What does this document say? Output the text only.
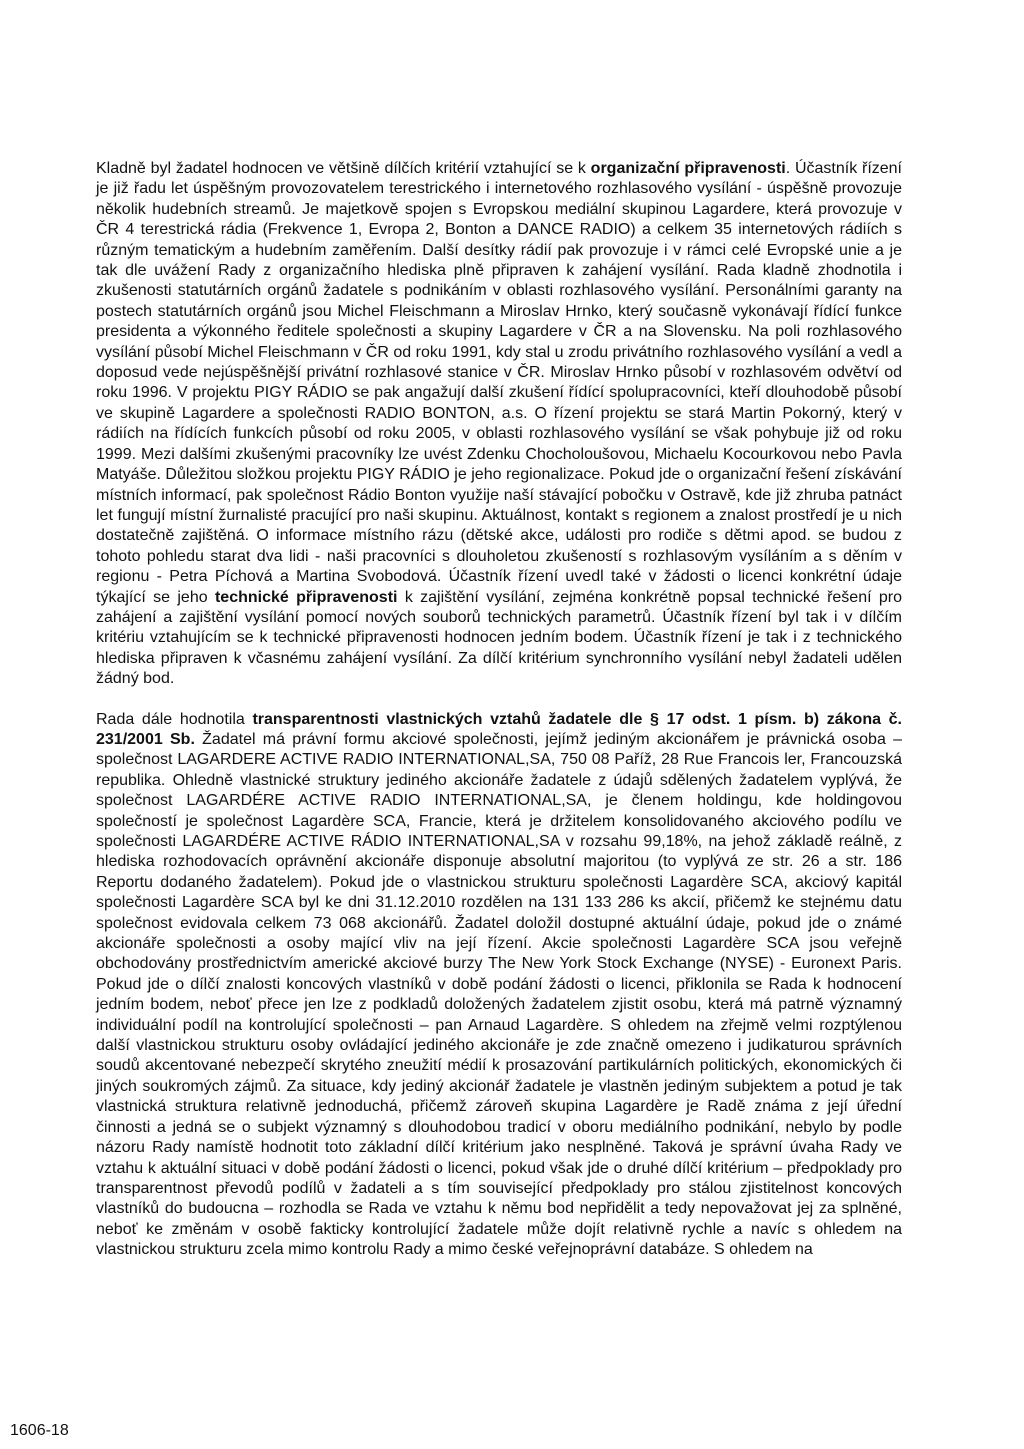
Kladně byl žadatel hodnocen ve většině dílčích kritérií vztahující se k organizační připravenosti. Účastník řízení je již řadu let úspěšným provozovatelem terestrického i internetového rozhlasového vysílání - úspěšně provozuje několik hudebních streamů. Je majetkově spojen s Evropskou mediální skupinou Lagardere, která provozuje v ČR 4 terestrická rádia (Frekvence 1, Evropa 2, Bonton a DANCE RADIO) a celkem 35 internetových rádiích s různým tematickým a hudebním zaměřením. Další desítky rádií pak provozuje i v rámci celé Evropské unie a je tak dle uvážení Rady z organizačního hlediska plně připraven k zahájení vysílání. Rada kladně zhodnotila i zkušenosti statutárních orgánů žadatele s podnikáním v oblasti rozhlasového vysílání. Personálními garanty na postech statutárních orgánů jsou Michel Fleischmann a Miroslav Hrnko, který současně vykonávají řídící funkce presidenta a výkonného ředitele společnosti a skupiny Lagardere v ČR a na Slovensku. Na poli rozhlasového vysílání působí Michel Fleischmann v ČR od roku 1991, kdy stal u zrodu privátního rozhlasového vysílání a vedl a doposud vede nejúspěšnější privátní rozhlasové stanice v ČR. Miroslav Hrnko působí v rozhlasovém odvětví od roku 1996. V projektu PIGY RÁDIO se pak angažují další zkušení řídící spolupracovníci, kteří dlouhodobě působí ve skupině Lagardere a společnosti RADIO BONTON, a.s. O řízení projektu se stará Martin Pokorný, který v rádiích na řídících funkcích působí od roku 2005, v oblasti rozhlasového vysílání se však pohybuje již od roku 1999. Mezi dalšími zkušenými pracovníky lze uvést Zdenku Chocholoušovou, Michaelu Kocourkovou nebo Pavla Matyáše. Důležitou složkou projektu PIGY RÁDIO je jeho regionalizace. Pokud jde o organizační řešení získávání místních informací, pak společnost Rádio Bonton využije naší stávající pobočku v Ostravě, kde již zhruba patnáct let fungují místní žurnalisté pracující pro naši skupinu. Aktuálnost, kontakt s regionem a znalost prostředí je u nich dostatečně zajištěná. O informace místního rázu (dětské akce, události pro rodiče s dětmi apod. se budou z tohoto pohledu starat dva lidi - naši pracovníci s dlouholetou zkušeností s rozhlasovým vysíláním a s děním v regionu - Petra Píchová a Martina Svobodová. Účastník řízení uvedl také v žádosti o licenci konkrétní údaje týkající se jeho technické připravenosti k zajištění vysílání, zejména konkrétně popsal technické řešení pro zahájení a zajištění vysílání pomocí nových souborů technických parametrů. Účastník řízení byl tak i v dílčím kritériu vztahujícím se k technické připravenosti hodnocen jedním bodem. Účastník řízení je tak i z technického hlediska připraven k včasnému zahájení vysílání. Za dílčí kritérium synchronního vysílání nebyl žadateli udělen žádný bod.

Rada dále hodnotila transparentnosti vlastnických vztahů žadatele dle § 17 odst. 1 písm. b) zákona č. 231/2001 Sb. Žadatel má právní formu akciové společnosti, jejímž jediným akcionářem je právnická osoba – společnost LAGARDERE ACTIVE RADIO INTERNATIONAL,SA, 750 08 Paříž, 28 Rue Francois ler, Francouzská republika. Ohledně vlastnické struktury jediného akcionáře žadatele z údajů sdělených žadatelem vyplývá, že společnost LAGARDÉRE ACTIVE RADIO INTERNATIONAL,SA, je členem holdingu, kde holdingovou společností je společnost Lagardère SCA, Francie, která je držitelem konsolidovaného akciového podílu ve společnosti LAGARDÉRE ACTIVE RÁDIO INTERNATIONAL,SA v rozsahu 99,18%, na jehož základě reálně, z hlediska rozhodovacích oprávnění akcionáře disponuje absolutní majoritou (to vyplývá ze str. 26 a str. 186 Reportu dodaného žadatelem). Pokud jde o vlastnickou strukturu společnosti Lagardère SCA, akciový kapitál společnosti Lagardère SCA byl ke dni 31.12.2010 rozdělen na 131 133 286 ks akcií, přičemž ke stejnému datu společnost evidovala celkem 73 068 akcionářů. Žadatel doložil dostupné aktuální údaje, pokud jde o známé akcionáře společnosti a osoby mající vliv na její řízení. Akcie společnosti Lagardère SCA jsou veřejně obchodovány prostřednictvím americké akciové burzy The New York Stock Exchange (NYSE) - Euronext Paris. Pokud jde o dílčí znalosti koncových vlastníků v době podání žádosti o licenci, přiklonila se Rada k hodnocení jedním bodem, neboť přece jen lze z podkladů doložených žadatelem zjistit osobu, která má patrně významný individuální podíl na kontrolující společnosti – pan Arnaud Lagardère. S ohledem na zřejmě velmi rozptýlenou další vlastnickou strukturu osoby ovládající jediného akcionáře je zde značně omezeno i judikaturou správních soudů akcentované nebezpečí skrytého zneužití médií k prosazování partikulárních politických, ekonomických či jiných soukromých zájmů. Za situace, kdy jediný akcionář žadatele je vlastněn jediným subjektem a potud je tak vlastnická struktura relativně jednoduchá, přičemž zároveň skupina Lagardère je Radě známa z její úřední činnosti a jedná se o subjekt významný s dlouhodobou tradicí v oboru mediálního podnikání, nebylo by podle názoru Rady namístě hodnotit toto základní dílčí kritérium jako nesplněné. Taková je správní úvaha Rady ve vztahu k aktuální situaci v době podání žádosti o licenci, pokud však jde o druhé dílčí kritérium – předpoklady pro transparentnost převodů podílů v žadateli a s tím související předpoklady pro stálou zjistitelnost koncových vlastníků do budoucna – rozhodla se Rada ve vztahu k němu bod nepřidělit a tedy nepovažovat jej za splněné, neboť ke změnám v osobě fakticky kontrolující žadatele může dojít relativně rychle a navíc s ohledem na vlastnickou strukturu zcela mimo kontrolu Rady a mimo české veřejnoprávní databáze. S ohledem na

1606-18
